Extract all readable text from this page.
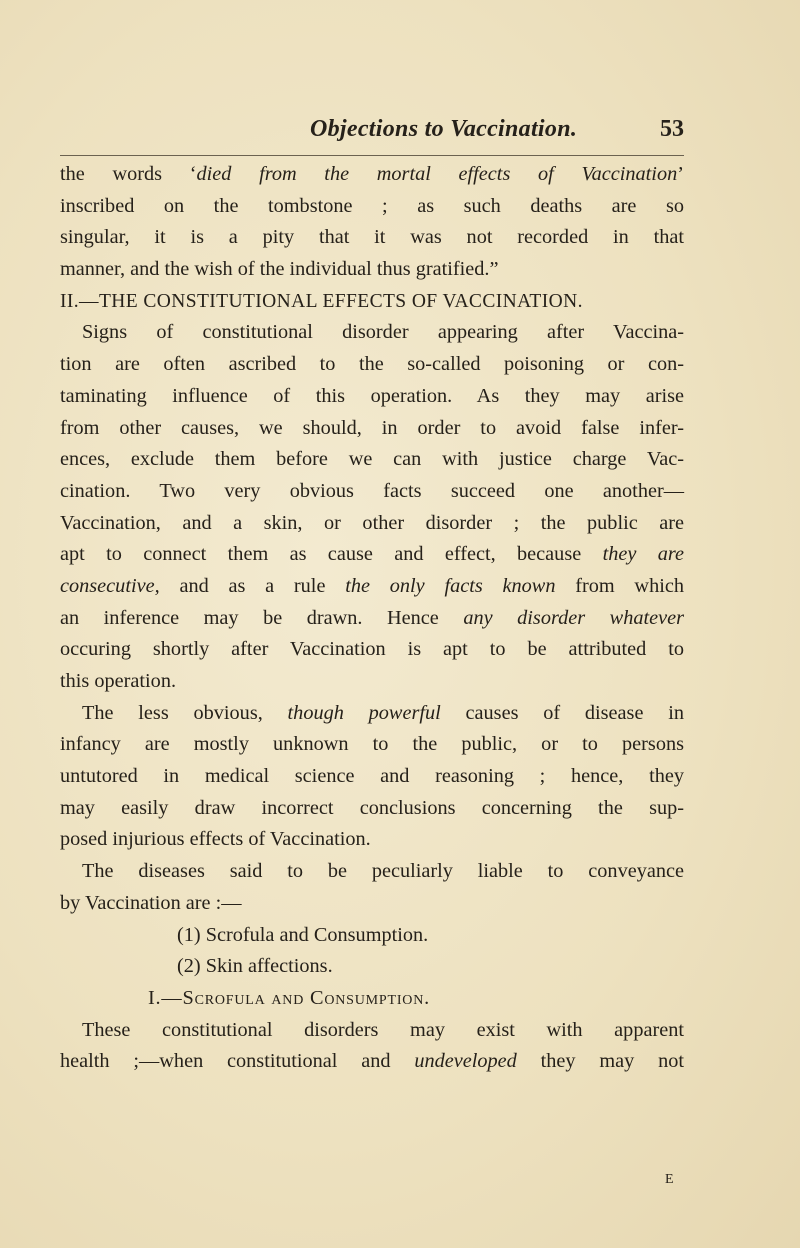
Objections to Vaccination.	53
the words ‘died from the mortal effects of Vaccination’
inscribed on the tombstone ; as such deaths are so
singular, it is a pity that it was not recorded in that
manner, and the wish of the individual thus gratified.”
II.—THE CONSTITUTIONAL EFFECTS OF VACCINATION.
Signs of constitutional disorder appearing after Vaccina-
tion are often ascribed to the so-called poisoning or con-
taminating influence of this operation. As they may arise
from other causes, we should, in order to avoid false infer-
ences, exclude them before we can with justice charge Vac-
cination. Two very obvious facts succeed one another—
Vaccination, and a skin, or other disorder ; the public are
apt to connect them as cause and effect, because they are
consecutive, and as a rule the only facts known from which
an inference may be drawn. Hence any disorder whatever
occuring shortly after Vaccination is apt to be attributed to
this operation.
The less obvious, though powerful causes of disease in
infancy are mostly unknown to the public, or to persons
untutored in medical science and reasoning ; hence, they
may easily draw incorrect conclusions concerning the sup-
posed injurious effects of Vaccination.
The diseases said to be peculiarly liable to conveyance
by Vaccination are :—
(1) Scrofula and Consumption.
(2) Skin affections.
I.—Scrofula and Consumption.
These constitutional disorders may exist with apparent
health ;—when constitutional and undeveloped they may not
E
